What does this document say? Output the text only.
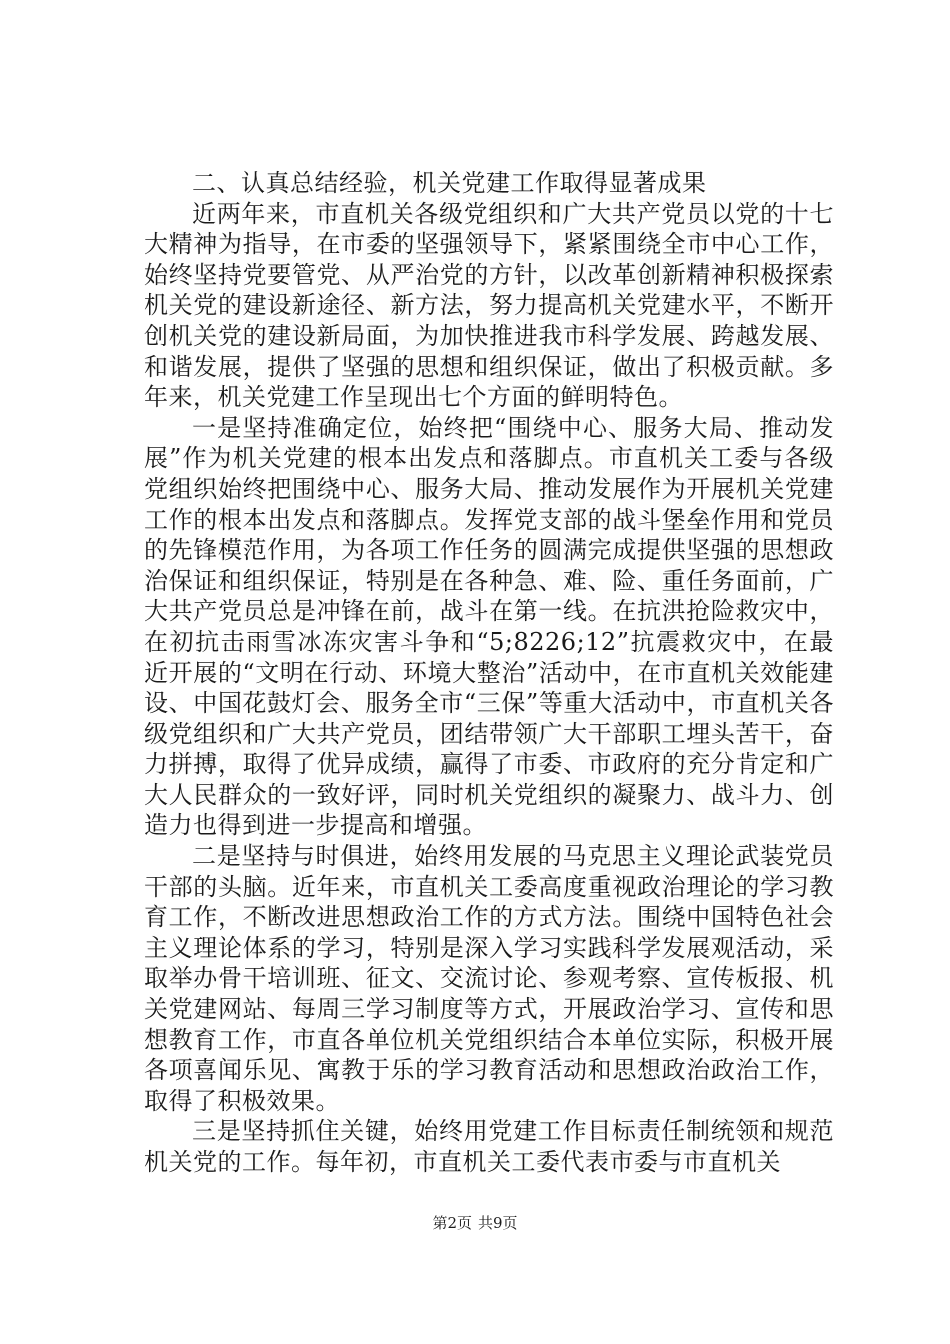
二、认真总结经验，机关党建工作取得显著成果

近两年来，市直机关各级党组织和广大共产党员以党的十七大精神为指导，在市委的坚强领导下，紧紧围绕全市中心工作，始终坚持党要管党、从严治党的方针，以改革创新精神积极探索机关党的建设新途径、新方法，努力提高机关党建水平，不断开创机关党的建设新局面，为加快推进我市科学发展、跨越发展、和谐发展，提供了坚强的思想和组织保证，做出了积极贡献。多年来，机关党建工作呈现出七个方面的鲜明特色。

一是坚持准确定位，始终把“围绕中心、服务大局、推动发展”作为机关党建的根本出发点和落脚点。市直机关工委与各级党组织始终把围绕中心、服务大局、推动发展作为开展机关党建工作的根本出发点和落脚点。发挥党支部的战斗堡垒作用和党员的先锋模范作用，为各项工作任务的圆满完成提供坚强的思想政治保证和组织保证，特别是在各种急、难、险、重任务面前，广大共产党员总是冲锋在前，战斗在第一线。在抗洪抢险救灾中，在初抗击雨雪冰冻灾害斗争和“5;8226;12”抗震救灾中，在最近开展的“文明在行动、环境大整治”活动中，在市直机关效能建设、中国花鼓灯会、服务全市“三保”等重大活动中，市直机关各级党组织和广大共产党员，团结带领广大干部职工埋头苦干，奋力拼搏，取得了优异成绩，赢得了市委、市政府的充分肯定和广大人民群众的一致好评，同时机关党组织的凝聚力、战斗力、创造力也得到进一步提高和增强。

二是坚持与时俱进，始终用发展的马克思主义理论武装党员干部的头脑。近年来，市直机关工委高度重视政治理论的学习教育工作，不断改进思想政治工作的方式方法。围绕中国特色社会主义理论体系的学习，特别是深入学习实践科学发展观活动，采取举办骨干培训班、征文、交流讨论、参观考察、宣传板报、机关党建网站、每周三学习制度等方式，开展政治学习、宣传和思想教育工作，市直各单位机关党组织结合本单位实际，积极开展各项喜闻乐见、寓教于乐的学习教育活动和思想政治政治工作，取得了积极效果。

三是坚持抓住关键，始终用党建工作目标责任制统领和规范机关党的工作。每年初，市直机关工委代表市委与市直机关

第2页 共9页
